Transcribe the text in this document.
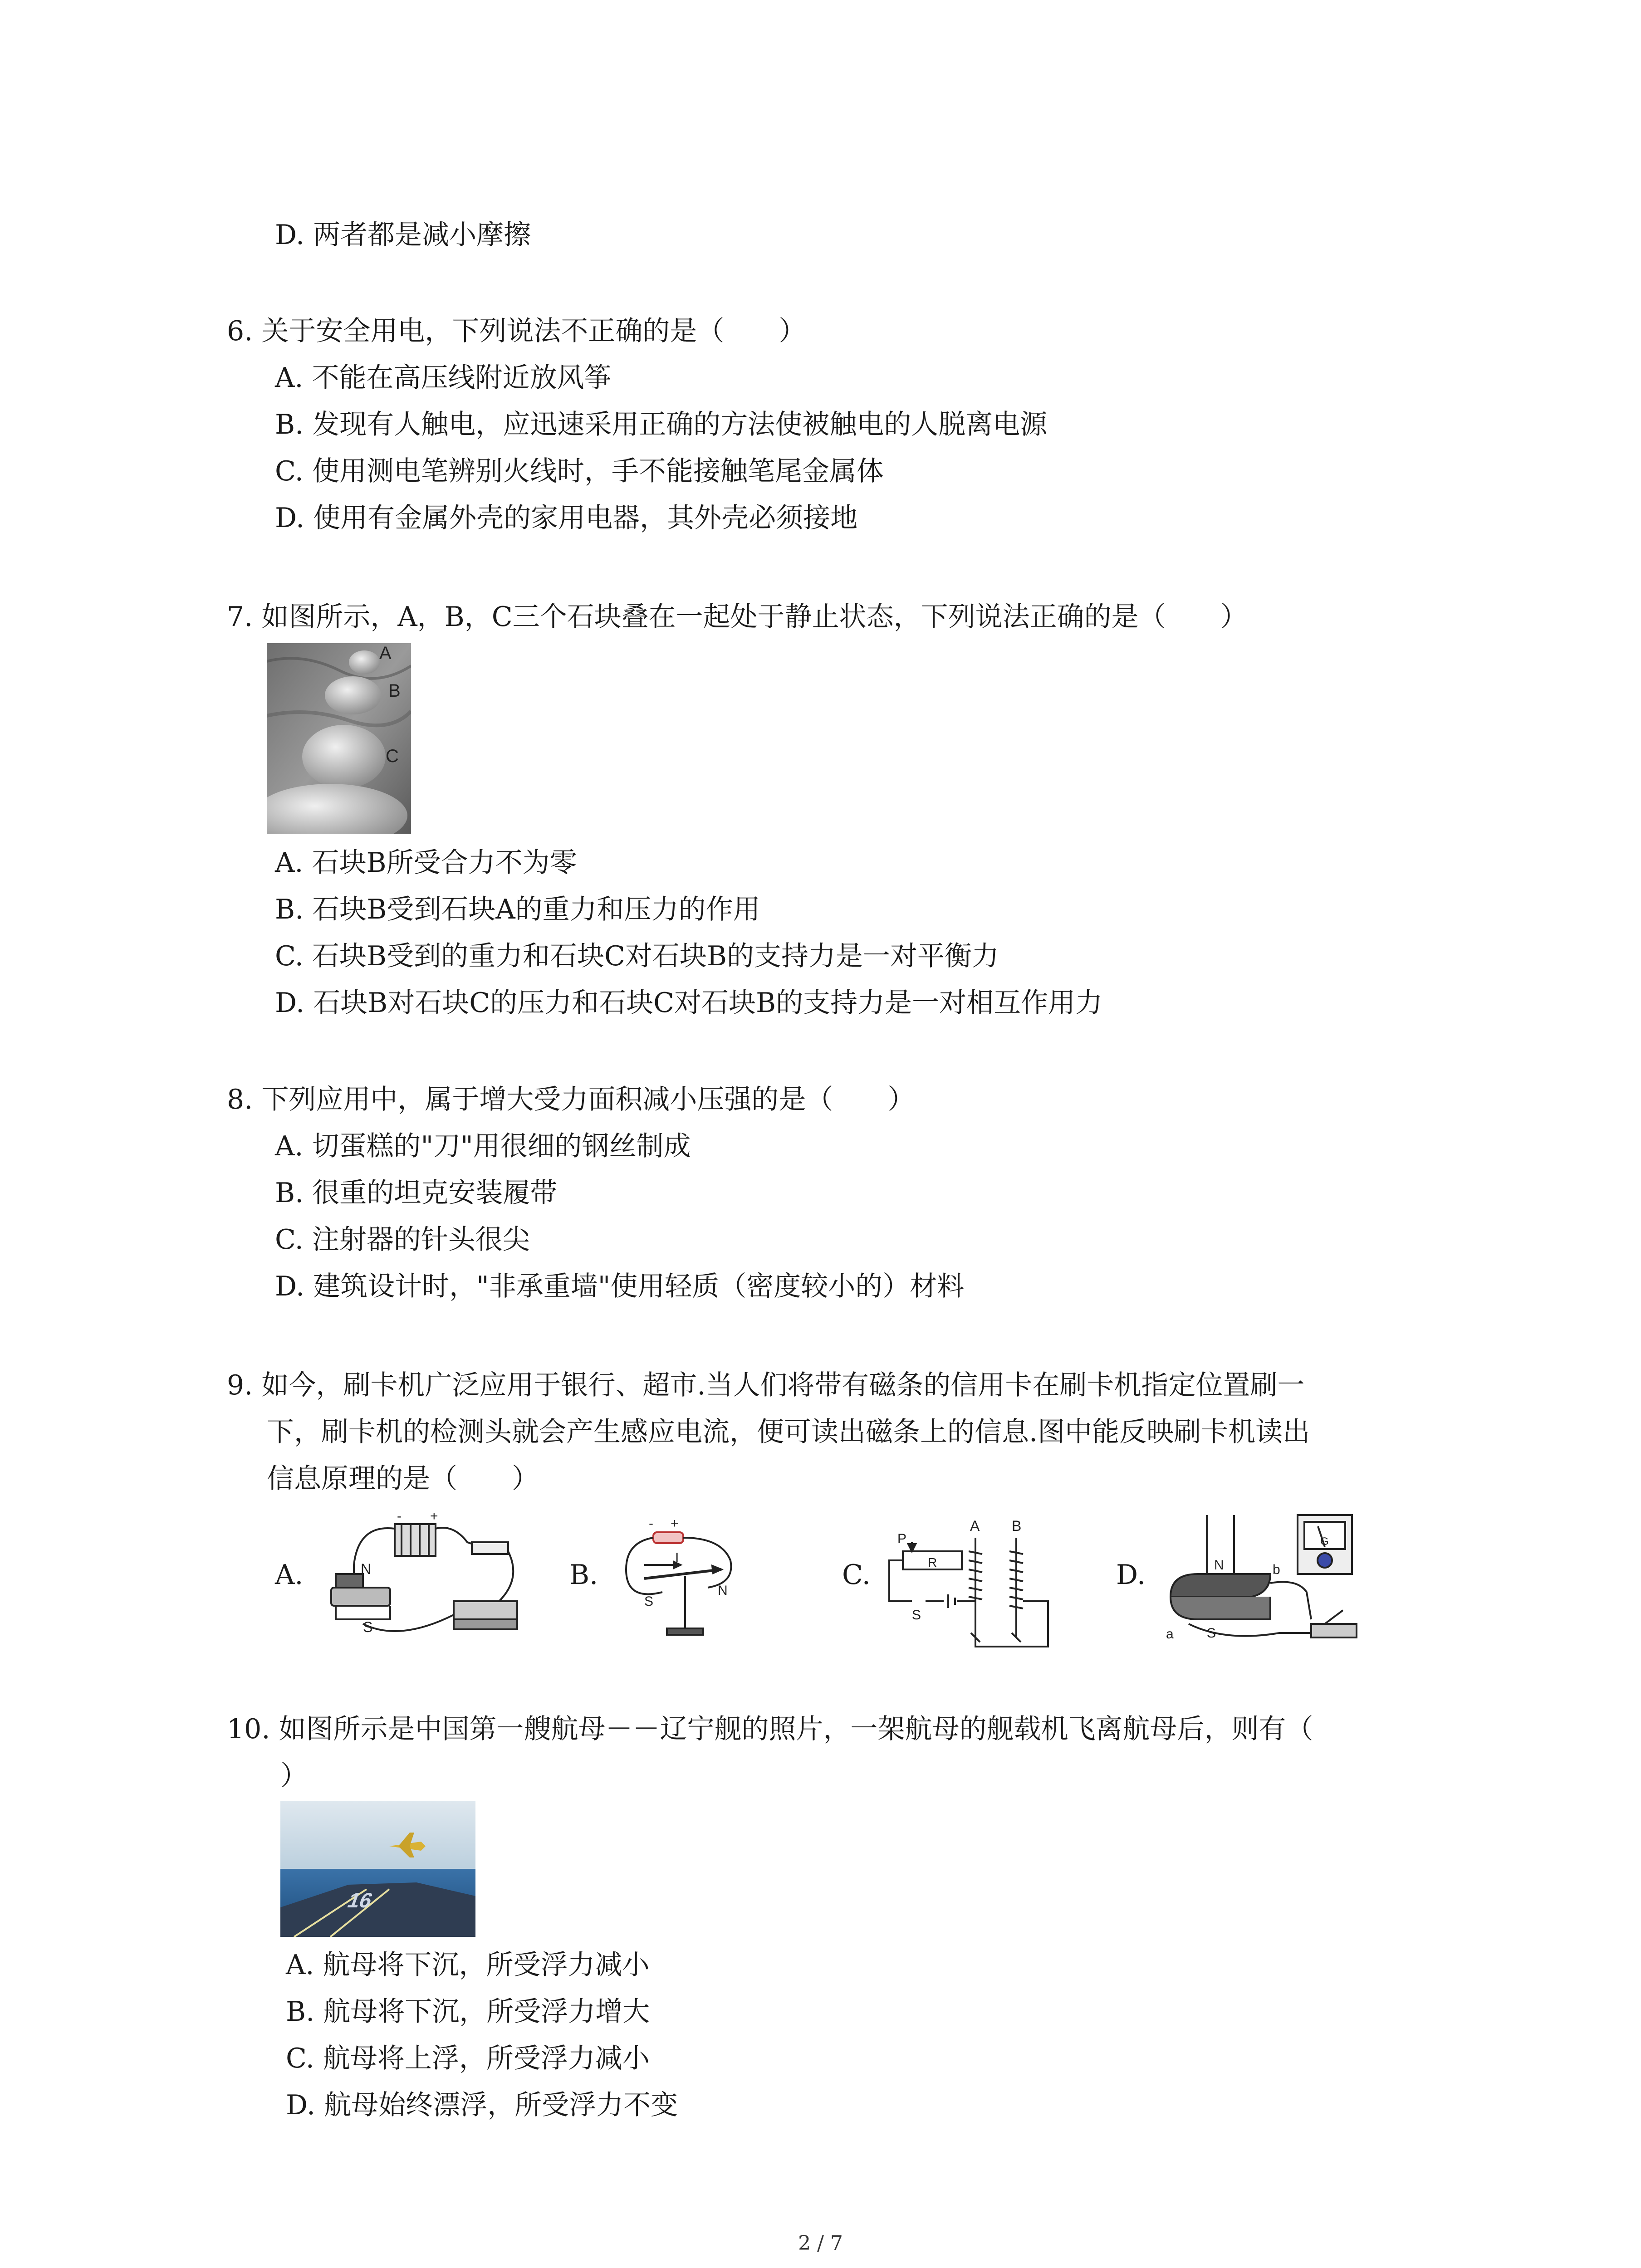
D. 两者都是减小摩擦
6. 关于安全用电，下列说法不正确的是（　　）
A. 不能在高压线附近放风筝
B. 发现有人触电，应迅速采用正确的方法使被触电的人脱离电源
C. 使用测电笔辨别火线时，手不能接触笔尾金属体
D. 使用有金属外壳的家用电器，其外壳必须接地
7. 如图所示，A，B，C三个石块叠在一起处于静止状态，下列说法正确的是（　　）
A
B
C
A. 石块B所受合力不为零
B. 石块B受到石块A的重力和压力的作用
C. 石块B受到的重力和石块C对石块B的支持力是一对平衡力
D. 石块B对石块C的压力和石块C对石块B的支持力是一对相互作用力
8. 下列应用中，属于增大受力面积减小压强的是（　　）
A. 切蛋糕的"刀"用很细的钢丝制成
B. 很重的坦克安装履带
C. 注射器的针头很尖
D. 建筑设计时，"非承重墙"使用轻质（密度较小的）材料
9. 如今，刷卡机广泛应用于银行、超市.当人们将带有磁条的信用卡在刷卡机指定位置刷一
下，刷卡机的检测头就会产生感应电流，便可读出磁条上的信息.图中能反映刷卡机读出
信息原理的是（　　）
A.
- +
N
S
B.
- +
I
S
N	C.
A B
P
R
S
D.	N	b
a S
G
10. 如图所示是中国第一艘航母－－辽宁舰的照片，一架航母的舰载机飞离航母后，则有（
）
16
A. 航母将下沉，所受浮力减小
B. 航母将下沉，所受浮力增大
C. 航母将上浮，所受浮力减小
D. 航母始终漂浮，所受浮力不变
2 / 7
